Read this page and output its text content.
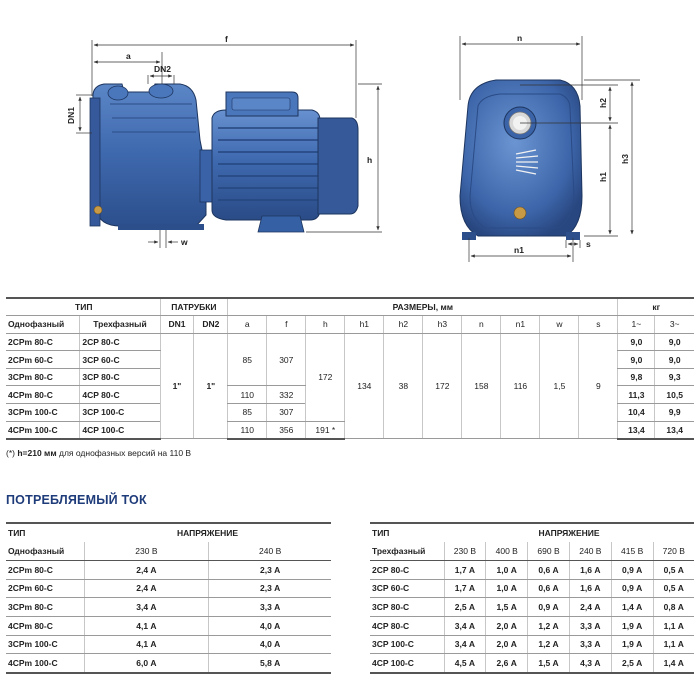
f
a
DN2
DN1
h
w
n
h2
h1
h3
n1
s
ТИП		ПАТРУБКИ		РАЗМЕРЫ, мм										кг	
Однофазный	Трехфазный	DN1	DN2	a	f	h	h1	h2	h3	n	n1	w	s	1~	3~
2CPm 80-C	2CP 80-C	1"	1"	85	307	172	134	38	172	158	116	1,5	9	9,0	9,0
2CPm 60-C	3CP 60-C													9,0	9,0
3CPm 80-C	3CP 80-C													9,8	9,3
4CPm 80-C	4CP 80-C			110	332									11,3	10,5
3CPm 100-C	3CP 100-C			85	307									10,4	9,9
4CPm 100-C	4CP 100-C			110	356	191 *								13,4	13,4
(*) h=210 мм для однофазных версий на 110 В
ПОТРЕБЛЯЕМЫЙ ТОК
ТИП	НАПРЯЖЕНИЕ	
Однофазный	230 В	240 В
2CPm 80-C	2,4 А	2,3 А
2CPm 60-C	2,4 А	2,3 А
3CPm 80-C	3,4 А	3,3 А
4CPm 80-C	4,1 А	4,0 А
3CPm 100-C	4,1 А	4,0 А
4CPm 100-C	6,0 А	5,8 А
ТИП	НАПРЯЖЕНИЕ					
Трехфазный	230 В	400 В	690 В	240 В	415 В	720 В
2CP 80-C	1,7 А	1,0 А	0,6 А	1,6 А	0,9 А	0,5 А
3CP 60-C	1,7 А	1,0 А	0,6 А	1,6 А	0,9 А	0,5 А
3CP 80-C	2,5 А	1,5 А	0,9 А	2,4 А	1,4 А	0,8 А
4CP 80-C	3,4 А	2,0 А	1,2 А	3,3 А	1,9 А	1,1 А
3CP 100-C	3,4 А	2,0 А	1,2 А	3,3 А	1,9 А	1,1 А
4CP 100-C	4,5 А	2,6 А	1,5 А	4,3 А	2,5 А	1,4 А
